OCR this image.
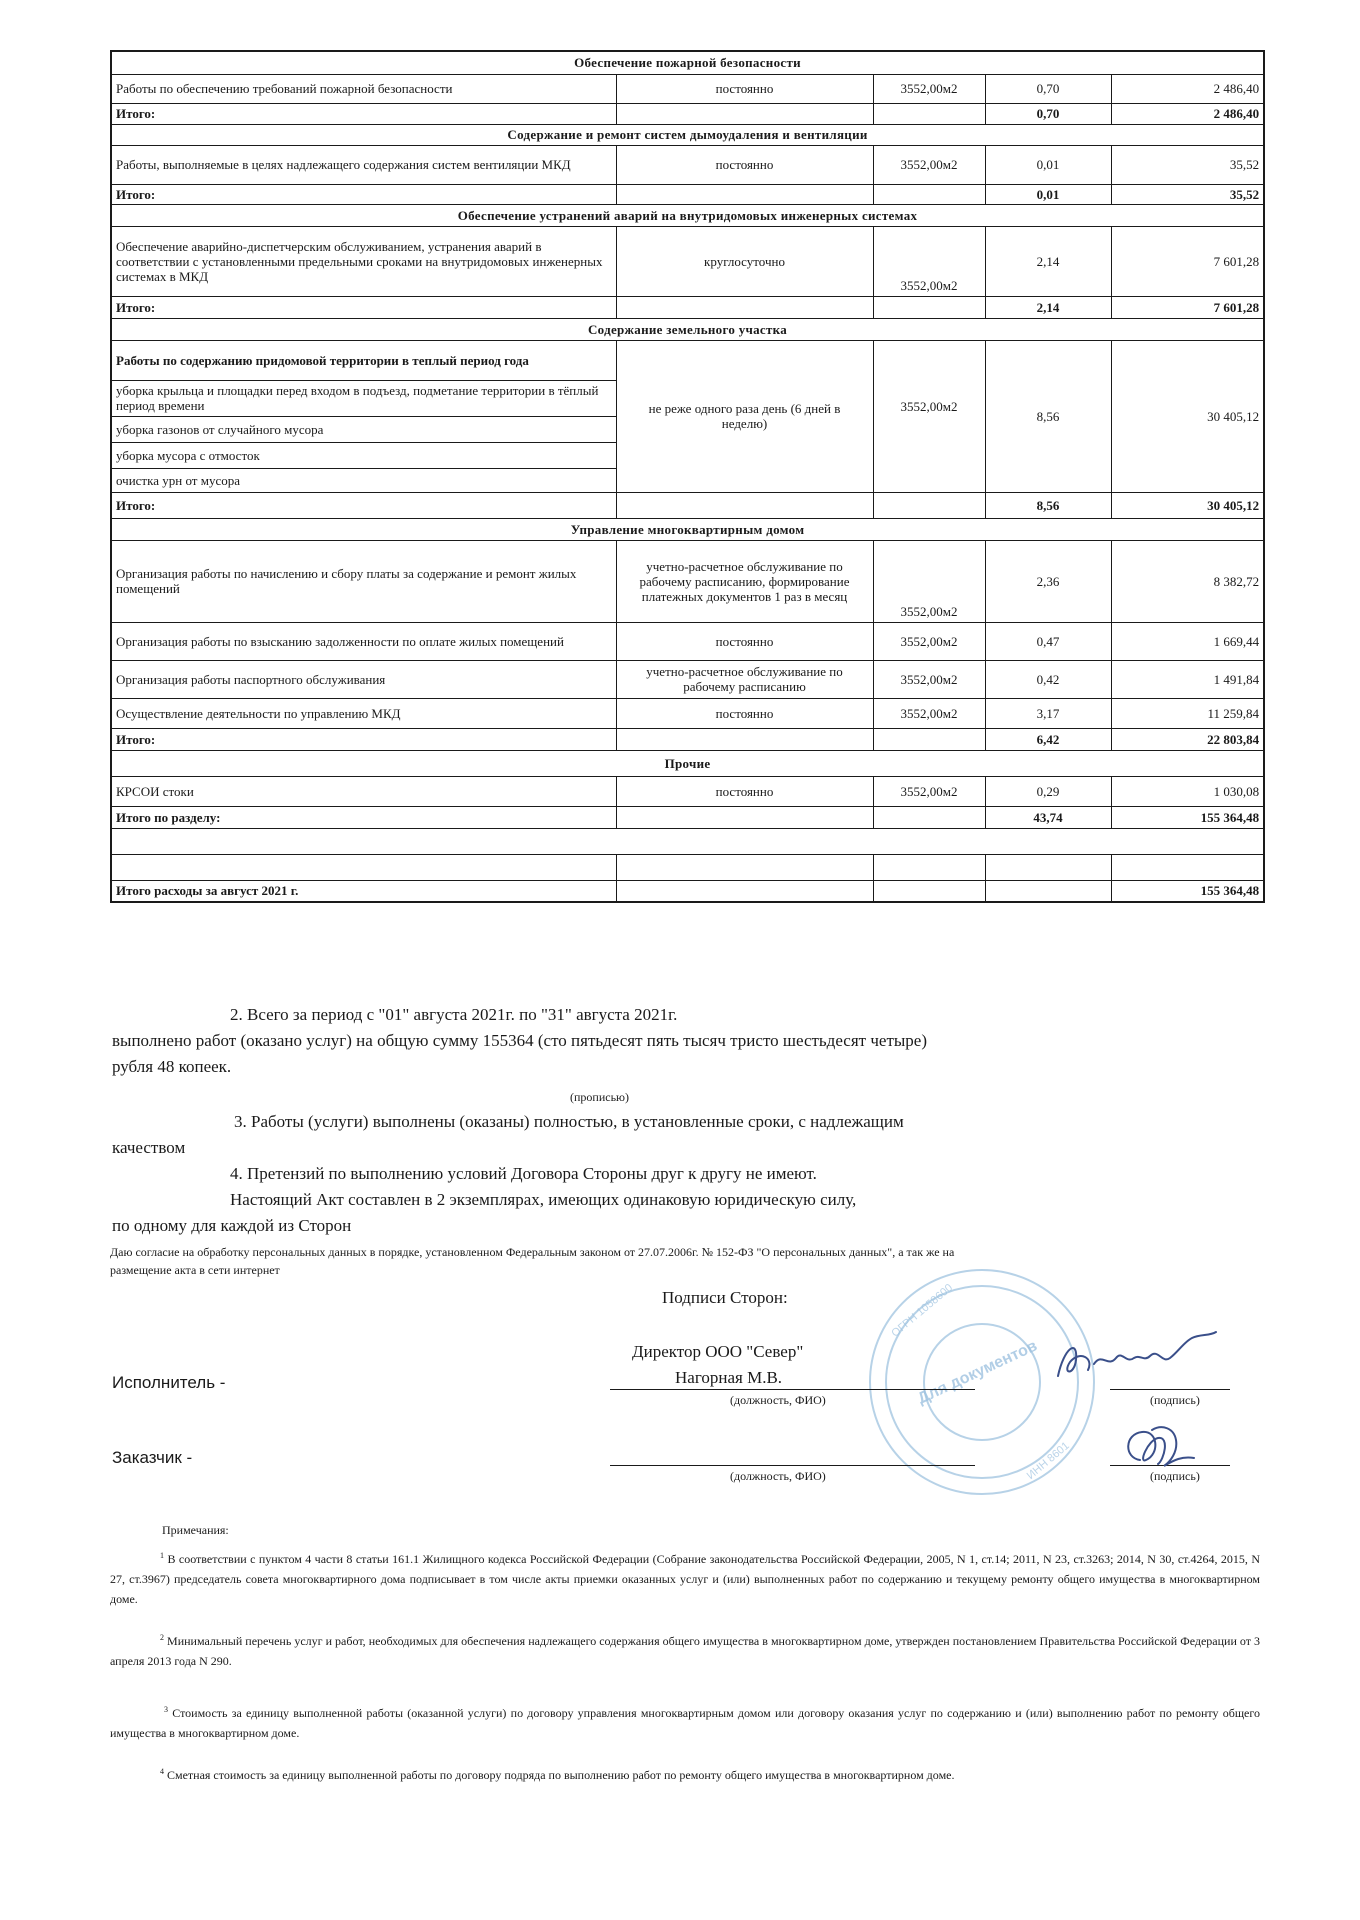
Обеспечение пожарной безопасности				
Работы по обеспечению требований пожарной безопасности	постоянно	3552,00м2	0,70	2 486,40
Итого:			0,70	2 486,40
Содержание и ремонт систем дымоудаления и вентиляции				
Работы, выполняемые в целях надлежащего содержания систем вентиляции МКД	постоянно	3552,00м2	0,01	35,52
Итого:			0,01	35,52
Обеспечение устранений аварий на внутридомовых инженерных системах				
Обеспечение аварийно-диспетчерским обслуживанием, устранения аварий в соответствии с установленными предельными сроками на внутридомовых инженерных системах в МКД	круглосуточно	3552,00м2	2,14	7 601,28
Итого:			2,14	7 601,28
Содержание земельного участка				
Работы по содержанию придомовой территории в теплый период года	не реже одного раза день (6 дней в неделю)	3552,00м2	8,56	30 405,12
уборка крыльца и площадки перед входом в подъезд, подметание территории в тёплый период времени				
уборка газонов от случайного мусора				
уборка мусора с отмосток				
очистка урн от мусора				
Итого:			8,56	30 405,12
Управление многоквартирным домом				
Организация работы по начислению и сбору платы за содержание и ремонт жилых помещений	учетно-расчетное обслуживание по рабочему расписанию, формирование платежных документов 1 раз в месяц	3552,00м2	2,36	8 382,72
Организация работы по взысканию задолженности по оплате жилых помещений	постоянно	3552,00м2	0,47	1 669,44
Организация работы паспортного обслуживания	учетно-расчетное обслуживание по рабочему расписанию	3552,00м2	0,42	1 491,84
Осуществление деятельности по управлению МКД	постоянно	3552,00м2	3,17	11 259,84
Итого:			6,42	22 803,84
Прочие				
КРСОИ стоки	постоянно	3552,00м2	0,29	1 030,08
Итого по разделу:			43,74	155 364,48

Итого расходы за август 2021 г.				155 364,48
2. Всего за период с "01" августа 2021г. по "31" августа 2021г.
выполнено работ (оказано услуг) на общую сумму 155364 (сто пятьдесят пять тысяч тристо шестьдесят четыре)
рубля 48 копеек.
(прописью)
3. Работы (услуги) выполнены (оказаны) полностью, в установленные сроки, с надлежащим
качеством
4. Претензий по выполнению условий Договора Стороны друг к другу не имеют.
Настоящий Акт составлен в 2 экземплярах, имеющих одинаковую юридическую силу,
по одному для каждой из Сторон
Даю согласие на обработку персональных данных в порядке, установленном Федеральным законом от 27.07.2006г. № 152-ФЗ "О персональных данных", а так же на
размещение акта в сети интернет
Подписи Сторон:	ОГРН 1058600
ИНН 8601
Для документов
Директор ООО "Север"
Исполнитель -	Нагорная М.В.
(должность, ФИО)	(подпись)
Заказчик -
(должность, ФИО)	(подпись)
Примечания:

$^1$ В соответствии с пунктом 4 части 8 статьи 161.1 Жилищного кодекса Российской Федерации (Собрание законодательства Российской Федерации, 2005, N 1, ст.14; 2011, N 23, ст.3263; 2014, N 30, ст.4264, 2015, N 27, ст.3967) председатель совета многоквартирного дома подписывает в том числе акты приемки оказанных услуг и (или) выполненных работ по содержанию и текущему ремонту общего имущества в многоквартирном доме.

$^2$ Минимальный перечень услуг и работ, необходимых для обеспечения надлежащего содержания общего имущества в многоквартирном доме, утвержден постановлением Правительства Российской Федерации от 3 апреля 2013 года N 290.

$^3$ Стоимость за единицу выполненной работы (оказанной услуги) по договору управления многоквартирным домом или договору оказания услуг по содержанию и (или) выполнению работ по ремонту общего имущества в многоквартирном доме.

$^4$ Сметная стоимость за единицу выполненной работы по договору подряда по выполнению работ по ремонту общего имущества в многоквартирном доме.
